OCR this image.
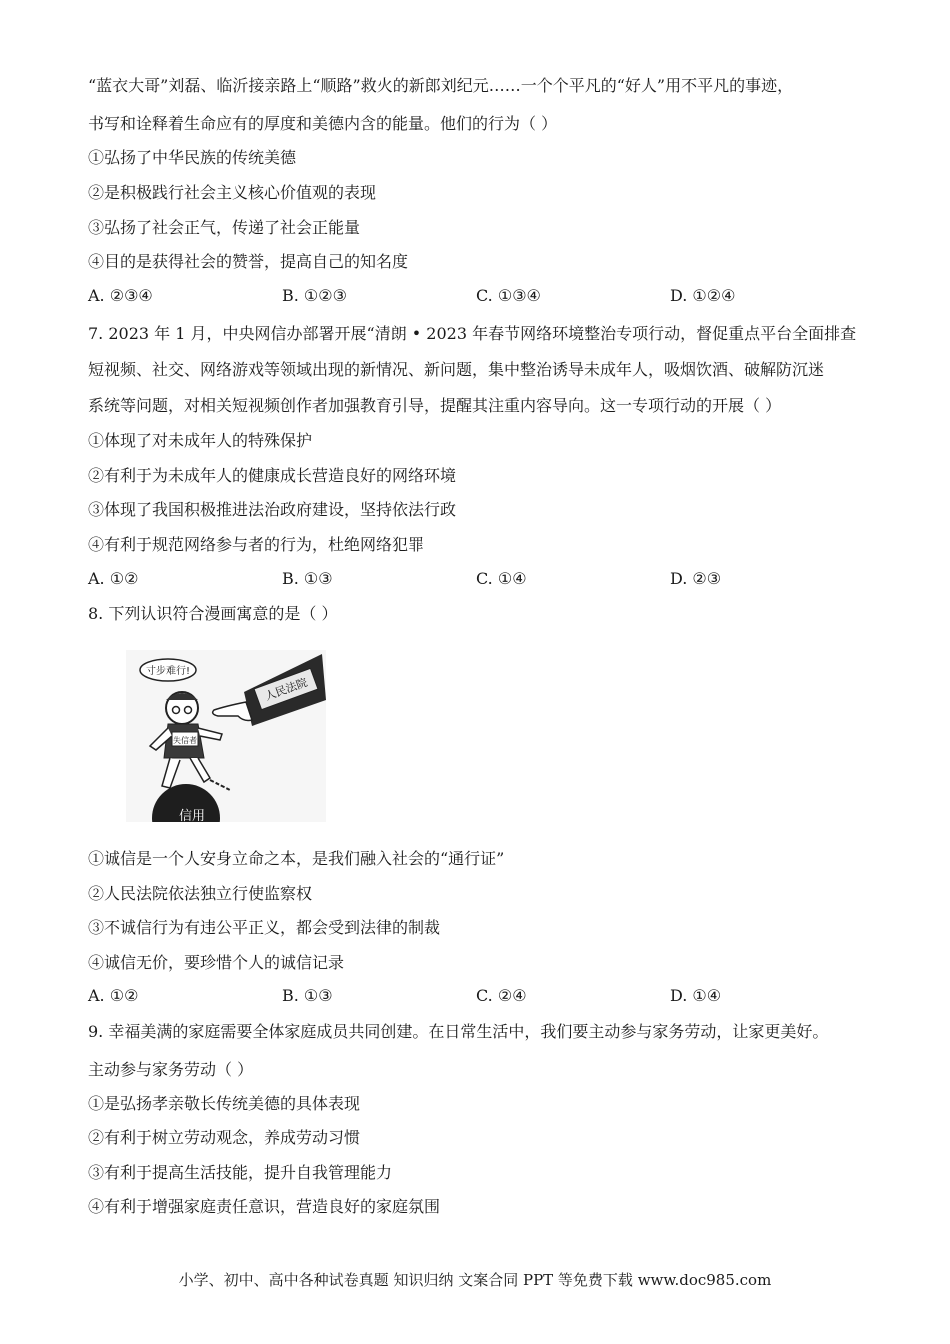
“蓝衣大哥”刘磊、临沂接亲路上“顺路”救火的新郎刘纪元……一个个平凡的“好人”用不平凡的事迹，
书写和诠释着生命应有的厚度和美德内含的能量。他们的行为（ ）
①弘扬了中华民族的传统美德
②是积极践行社会主义核心价值观的表现
③弘扬了社会正气，传递了社会正能量
④目的是获得社会的赞誉，提高自己的知名度
A. ②③④	B. ①②③	C. ①③④	D. ①②④
7. 2023 年 1 月，中央网信办部署开展“清朗 • 2023 年春节网络环境整治专项行动，督促重点平台全面排查
短视频、社交、网络游戏等领域出现的新情况、新问题，集中整治诱导未成年人，吸烟饮酒、破解防沉迷
系统等问题，对相关短视频创作者加强教育引导，提醒其注重内容导向。这一专项行动的开展（ ）
①体现了对未成年人的特殊保护
②有利于为未成年人的健康成长营造良好的网络环境
③体现了我国积极推进法治政府建设，坚持依法行政
④有利于规范网络参与者的行为，杜绝网络犯罪
A. ①②	B. ①③	C. ①④	D. ②③
8. 下列认识符合漫画寓意的是（ ）
寸步难行!
人民法院
失信者
信用
①诚信是一个人安身立命之本，是我们融入社会的“通行证”
②人民法院依法独立行使监察权
③不诚信行为有违公平正义，都会受到法律的制裁
④诚信无价，要珍惜个人的诚信记录
A. ①②	B. ①③	C. ②④	D. ①④
9. 幸福美满的家庭需要全体家庭成员共同创建。在日常生活中，我们要主动参与家务劳动，让家更美好。
主动参与家务劳动（ ）
①是弘扬孝亲敬长传统美德的具体表现
②有利于树立劳动观念，养成劳动习惯
③有利于提高生活技能，提升自我管理能力
④有利于增强家庭责任意识，营造良好的家庭氛围
小学、初中、高中各种试卷真题 知识归纳 文案合同 PPT 等免费下载 www.doc985.com
